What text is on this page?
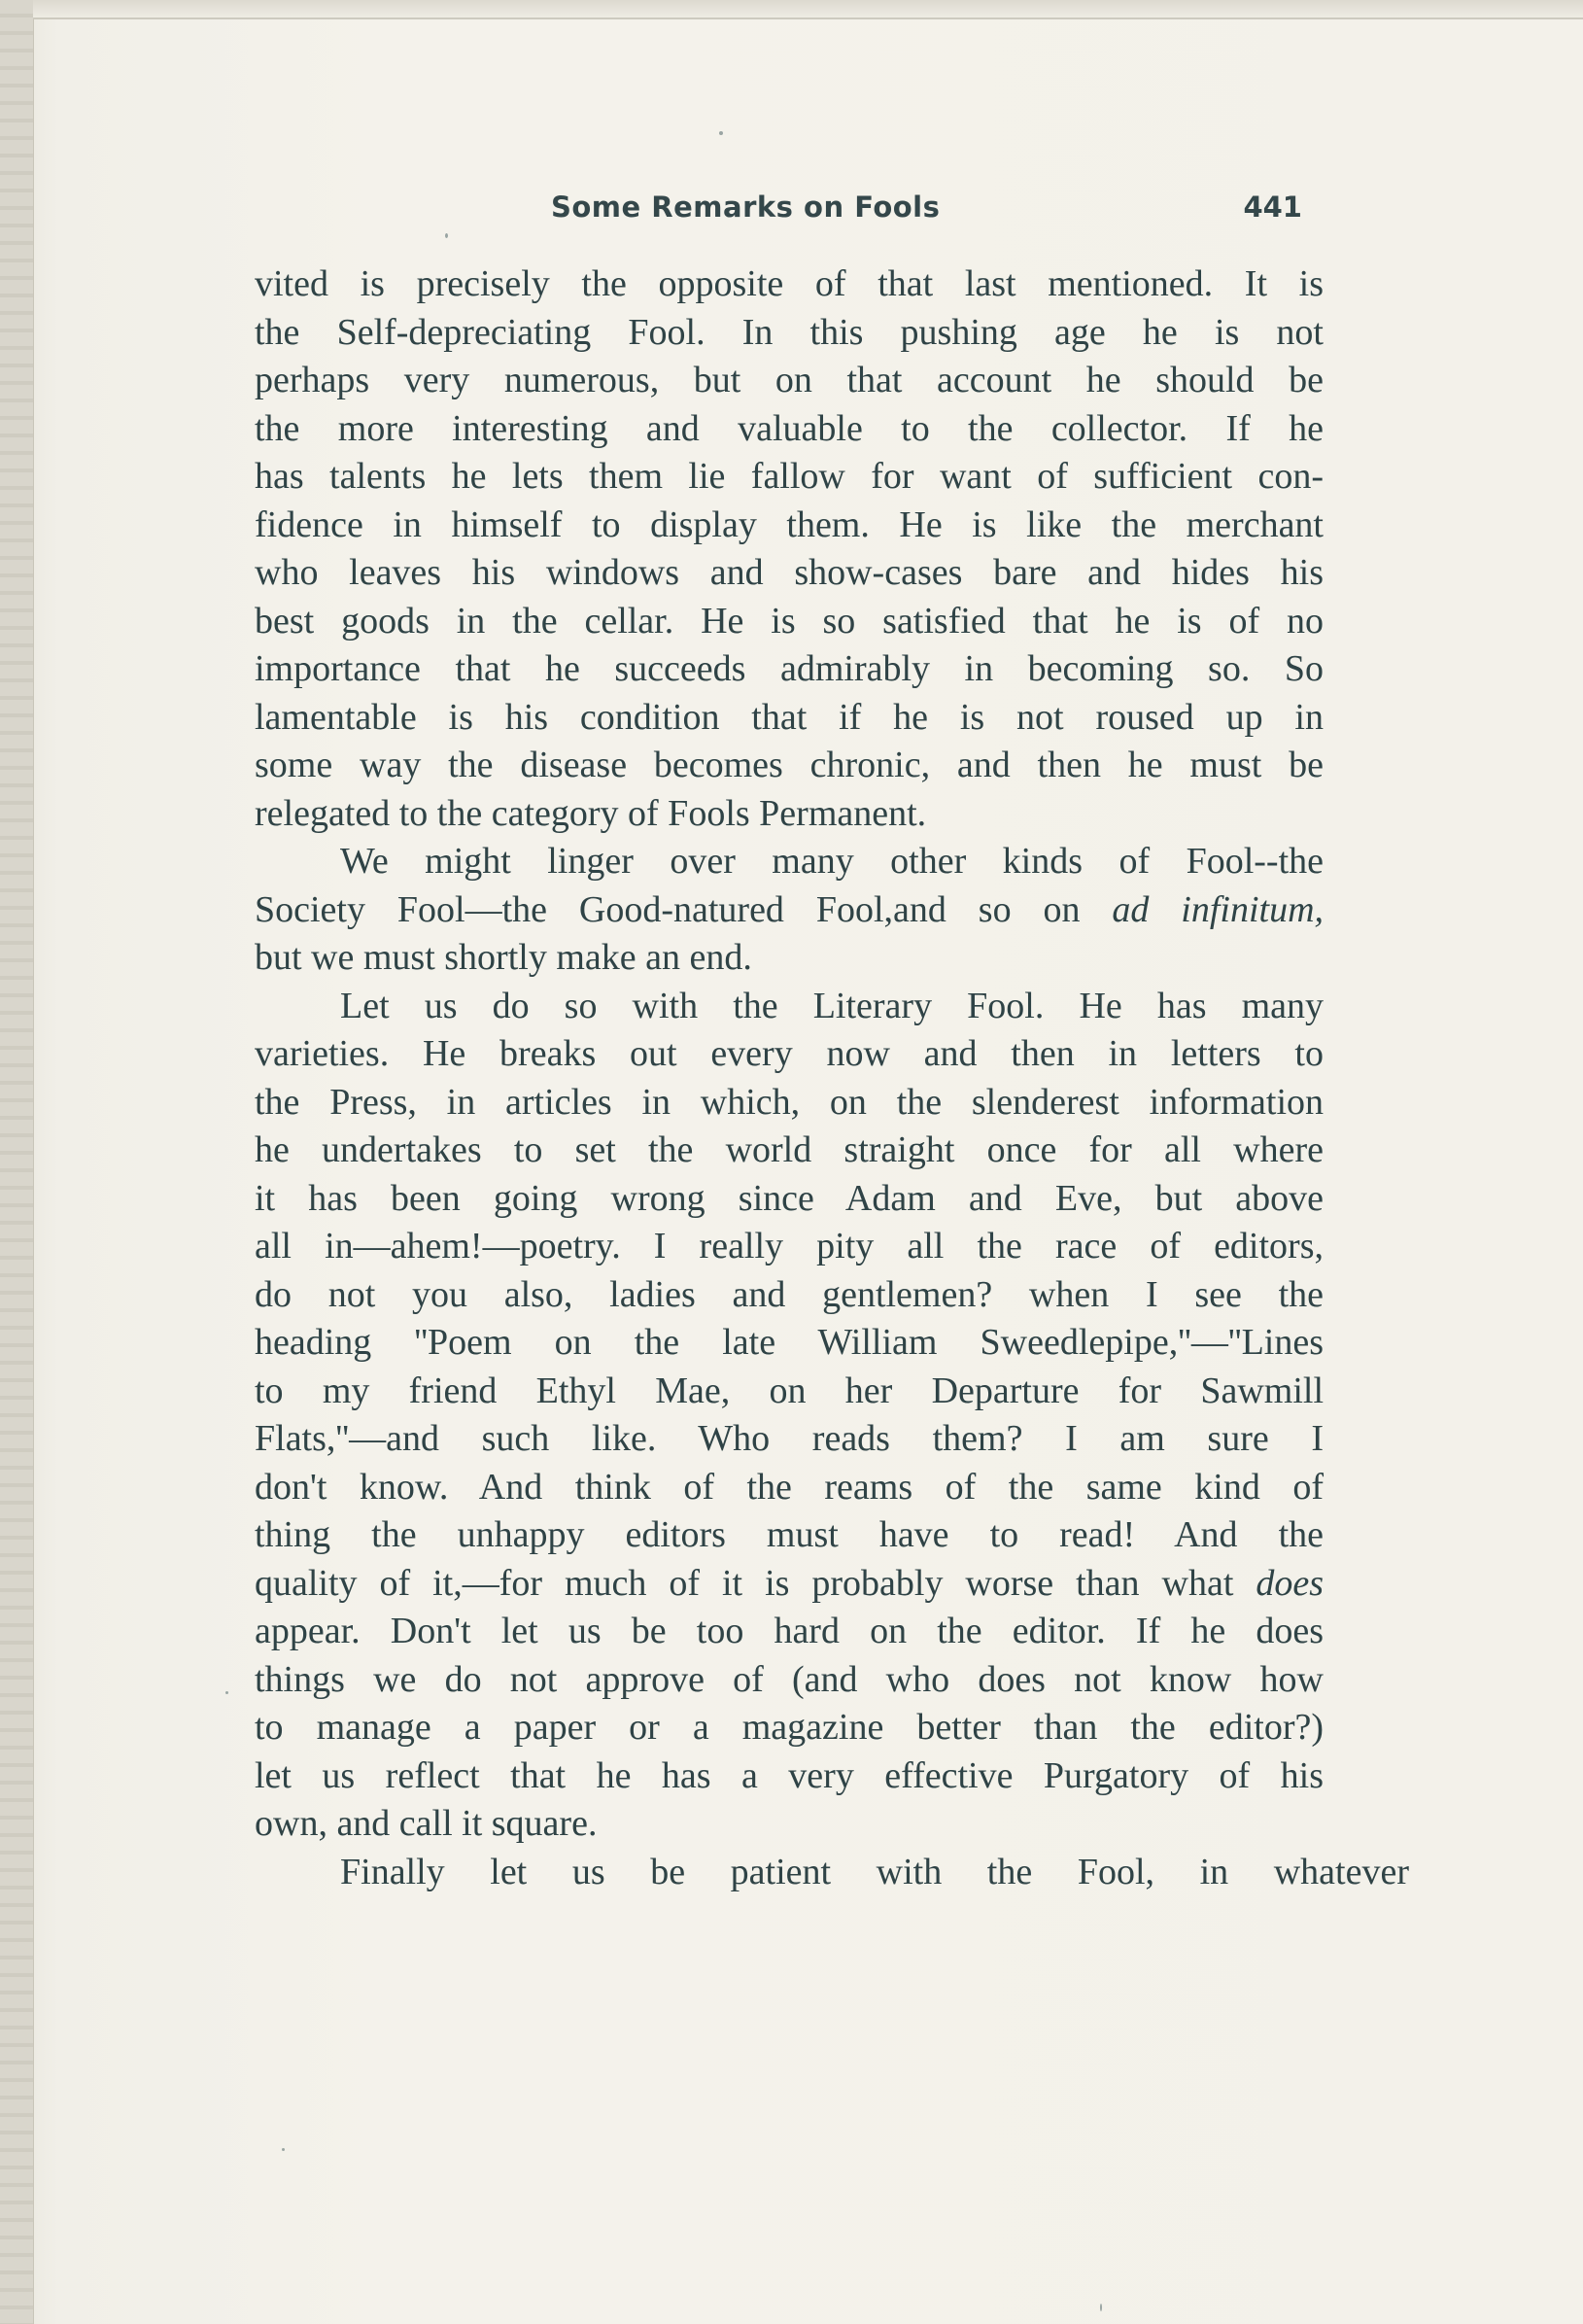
Some Remarks on Fools	441
vited is precisely the opposite of that last mentioned. It is
the Self-depreciating Fool. In this pushing age he is not
perhaps very numerous, but on that account he should be
the more interesting and valuable to the collector. If he
has talents he lets them lie fallow for want of sufficient con-
fidence in himself to display them. He is like the merchant
who leaves his windows and show-cases bare and hides his
best goods in the cellar. He is so satisfied that he is of no
importance that he succeeds admirably in becoming so. So
lamentable is his condition that if he is not roused up in
some way the disease becomes chronic, and then he must be
relegated to the category of Fools Permanent.
We might linger over many other kinds of Fool--the
Society Fool—the Good-natured Fool,and so on ad infinitum,
but we must shortly make an end.
Let us do so with the Literary Fool. He has many
varieties. He breaks out every now and then in letters to
the Press, in articles in which, on the slenderest information
he undertakes to set the world straight once for all where
it has been going wrong since Adam and Eve, but above
all in—ahem!—poetry. I really pity all the race of editors,
do not you also, ladies and gentlemen? when I see the
heading ''Poem on the late William Sweedlepipe,''—''Lines
to my friend Ethyl Mae, on her Departure for Sawmill
Flats,''—and such like. Who reads them? I am sure I
don't know. And think of the reams of the same kind of
thing the unhappy editors must have to read! And the
quality of it,—for much of it is probably worse than what does
appear. Don't let us be too hard on the editor. If he does
things we do not approve of (and who does not know how
to manage a paper or a magazine better than the editor?)
let us reflect that he has a very effective Purgatory of his
own, and call it square.
Finally let us be patient with the Fool, in whatever
